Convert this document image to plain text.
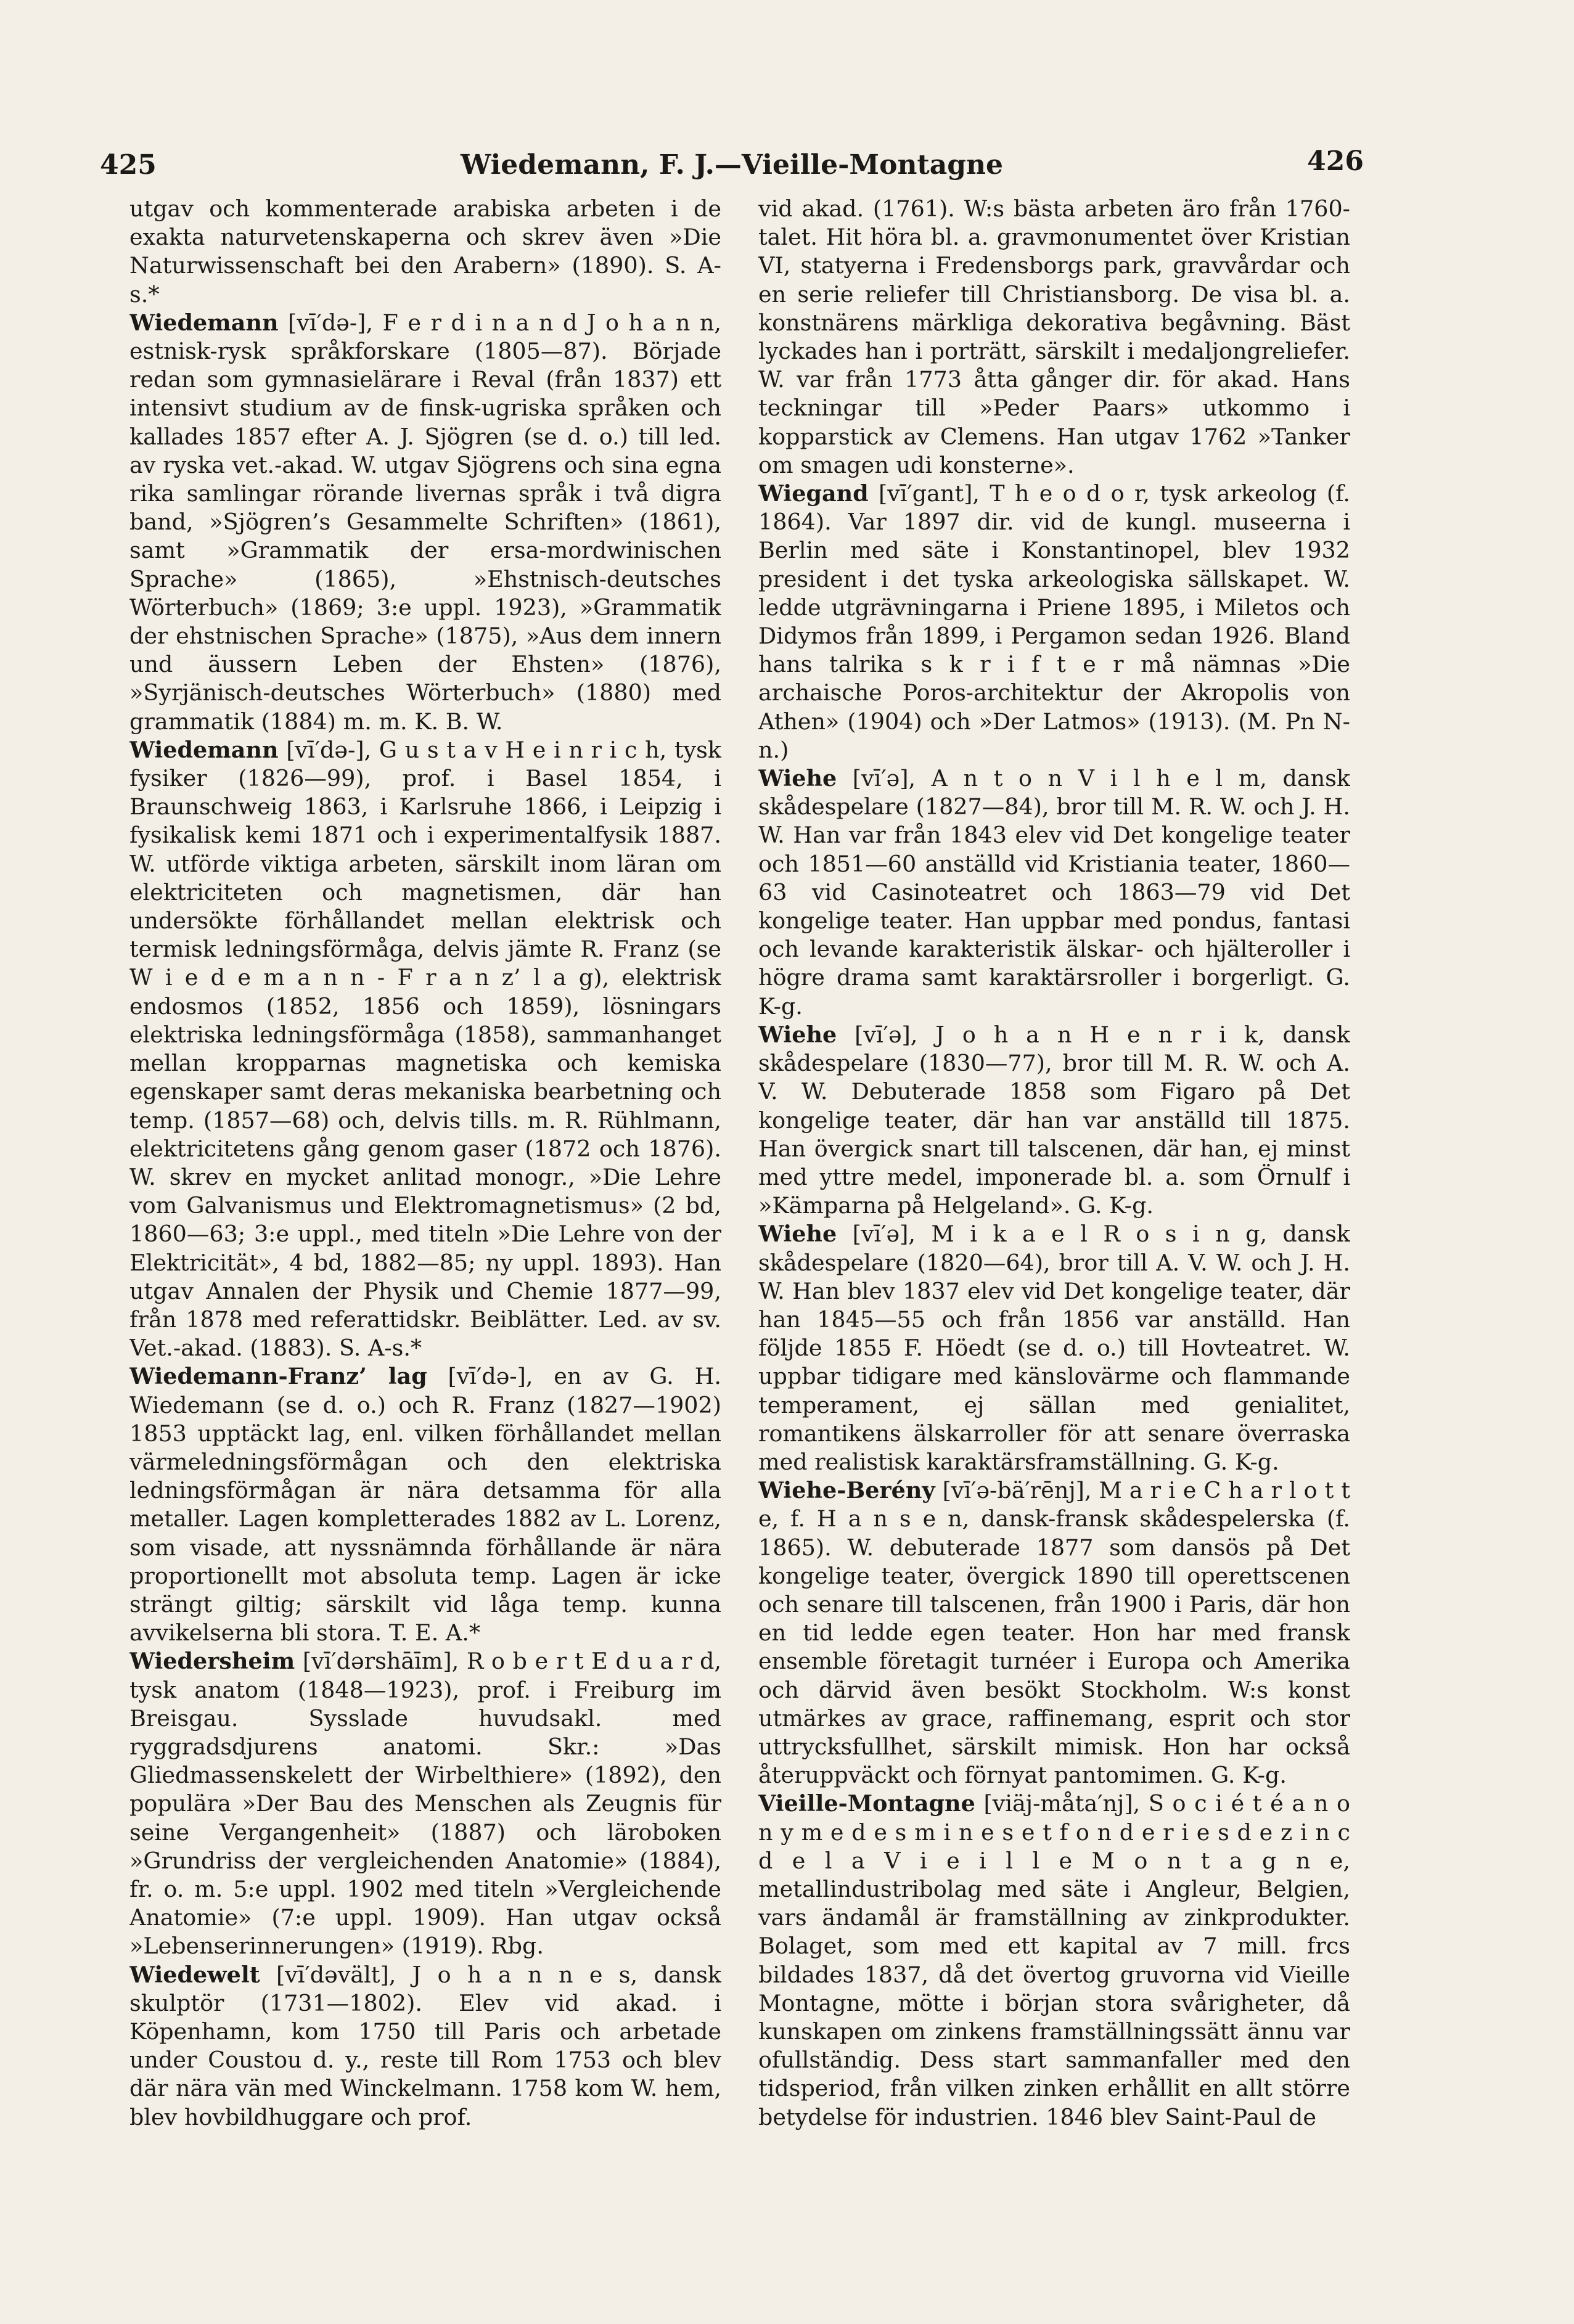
425	Wiedemann, F. J.—Vieille-Montagne	426

utgav och kommenterade arabiska arbeten i de exakta naturvetenskaperna och skrev även »Die Naturwissenschaft bei den Arabern» (1890). S. A-s.*

Wiedemann [vī′də-], F e r d i n a n d J o h a n n, estnisk-rysk språkforskare (1805—87). Började redan som gymnasielärare i Reval (från 1837) ett intensivt studium av de finsk-ugriska språken och kallades 1857 efter A. J. Sjögren (se d. o.) till led. av ryska vet.-akad. W. utgav Sjögrens och sina egna rika samlingar rörande livernas språk i två digra band, »Sjögren’s Gesammelte Schriften» (1861), samt »Grammatik der ersa-mordwinischen Sprache» (1865), »Ehstnisch-deutsches Wörterbuch» (1869; 3:e uppl. 1923), »Grammatik der ehstnischen Sprache» (1875), »Aus dem innern und äussern Leben der Ehsten» (1876), »Syrjänisch-deutsches Wörterbuch» (1880) med grammatik (1884) m. m. K. B. W.

Wiedemann [vī′də-], G u s t a v H e i n r i c h, tysk fysiker (1826—99), prof. i Basel 1854, i Braunschweig 1863, i Karlsruhe 1866, i Leipzig i fysikalisk kemi 1871 och i experimentalfysik 1887. W. utförde viktiga arbeten, särskilt inom läran om elektriciteten och magnetismen, där han undersökte förhållandet mellan elektrisk och termisk ledningsförmåga, delvis jämte R. Franz (se W i e d e m a n n - F r a n z’ l a g), elektrisk endosmos (1852, 1856 och 1859), lösningars elektriska ledningsförmåga (1858), sammanhanget mellan kropparnas magnetiska och kemiska egenskaper samt deras mekaniska bearbetning och temp. (1857—68) och, delvis tills. m. R. Rühlmann, elektricitetens gång genom gaser (1872 och 1876). W. skrev en mycket anlitad monogr., »Die Lehre vom Galvanismus und Elektromagnetismus» (2 bd, 1860—63; 3:e uppl., med titeln »Die Lehre von der Elektricität», 4 bd, 1882—85; ny uppl. 1893). Han utgav Annalen der Physik und Chemie 1877—99, från 1878 med referattidskr. Beiblätter. Led. av sv. Vet.-akad. (1883). S. A-s.*

Wiedemann-Franz’ lag [vī′də-], en av G. H. Wiedemann (se d. o.) och R. Franz (1827—1902) 1853 upptäckt lag, enl. vilken förhållandet mellan värmeledningsförmågan och den elektriska ledningsförmågan är nära detsamma för alla metaller. Lagen kompletterades 1882 av L. Lorenz, som visade, att nyssnämnda förhållande är nära proportionellt mot absoluta temp. Lagen är icke strängt giltig; särskilt vid låga temp. kunna avvikelserna bli stora. T. E. A.*

Wiedersheim [vī′dərshāīm], R o b e r t E d u a r d, tysk anatom (1848—1923), prof. i Freiburg im Breisgau. Sysslade huvudsakl. med ryggradsdjurens anatomi. Skr.: »Das Gliedmassenskelett der Wirbelthiere» (1892), den populära »Der Bau des Menschen als Zeugnis für seine Vergangenheit» (1887) och läroboken »Grundriss der vergleichenden Anatomie» (1884), fr. o. m. 5:e uppl. 1902 med titeln »Vergleichende Anatomie» (7:e uppl. 1909). Han utgav också »Lebenserinnerungen» (1919). Rbg.

Wiedewelt [vī′dəvält], J o h a n n e s, dansk skulptör (1731—1802). Elev vid akad. i Köpenhamn, kom 1750 till Paris och arbetade under Coustou d. y., reste till Rom 1753 och blev där nära vän med Winckelmann. 1758 kom W. hem, blev hovbildhuggare och prof.

vid akad. (1761). W:s bästa arbeten äro från 1760-talet. Hit höra bl. a. gravmonumentet över Kristian VI, statyerna i Fredensborgs park, gravvårdar och en serie reliefer till Christiansborg. De visa bl. a. konstnärens märkliga dekorativa begåvning. Bäst lyckades han i porträtt, särskilt i medaljongreliefer. W. var från 1773 åtta gånger dir. för akad. Hans teckningar till »Peder Paars» utkommo i kopparstick av Clemens. Han utgav 1762 »Tanker om smagen udi konsterne».

Wiegand [vī′gant], T h e o d o r, tysk arkeolog (f. 1864). Var 1897 dir. vid de kungl. museerna i Berlin med säte i Konstantinopel, blev 1932 president i det tyska arkeologiska sällskapet. W. ledde utgrävningarna i Priene 1895, i Miletos och Didymos från 1899, i Pergamon sedan 1926. Bland hans talrika s k r i f t e r må nämnas »Die archaische Poros-architektur der Akropolis von Athen» (1904) och »Der Latmos» (1913). (M. Pn N-n.)

Wiehe [vī′ə], A n t o n V i l h e l m, dansk skådespelare (1827—84), bror till M. R. W. och J. H. W. Han var från 1843 elev vid Det kongelige teater och 1851—60 anställd vid Kristiania teater, 1860—63 vid Casinoteatret och 1863—79 vid Det kongelige teater. Han uppbar med pondus, fantasi och levande karakteristik älskar- och hjälteroller i högre drama samt karaktärsroller i borgerligt. G. K-g.

Wiehe [vī′ə], J o h a n H e n r i k, dansk skådespelare (1830—77), bror till M. R. W. och A. V. W. Debuterade 1858 som Figaro på Det kongelige teater, där han var anställd till 1875. Han övergick snart till talscenen, där han, ej minst med yttre medel, imponerade bl. a. som Örnulf i »Kämparna på Helgeland». G. K-g.

Wiehe [vī′ə], M i k a e l R o s i n g, dansk skådespelare (1820—64), bror till A. V. W. och J. H. W. Han blev 1837 elev vid Det kongelige teater, där han 1845—55 och från 1856 var anställd. Han följde 1855 F. Höedt (se d. o.) till Hovteatret. W. uppbar tidigare med känslovärme och flammande temperament, ej sällan med genialitet, romantikens älskarroller för att senare överraska med realistisk karaktärsframställning. G. K-g.

Wiehe-Berény [vī′ə-bä′rēnj], M a r i e C h a r l o t t e, f. H a n s e n, dansk-fransk skådespelerska (f. 1865). W. debuterade 1877 som dansös på Det kongelige teater, övergick 1890 till operettscenen och senare till talscenen, från 1900 i Paris, där hon en tid ledde egen teater. Hon har med fransk ensemble företagit turnéer i Europa och Amerika och därvid även besökt Stockholm. W:s konst utmärkes av grace, raffinemang, esprit och stor uttrycksfullhet, särskilt mimisk. Hon har också återuppväckt och förnyat pantomimen. G. K-g.

Vieille-Montagne [viäj-måta′nj], S o c i é t é a n o n y m e d e s m i n e s e t f o n d e r i e s d e z i n c d e l a V i e i l l e M o n t a g n e, metallindustribolag med säte i Angleur, Belgien, vars ändamål är framställning av zinkprodukter. Bolaget, som med ett kapital av 7 mill. frcs bildades 1837, då det övertog gruvorna vid Vieille Montagne, mötte i början stora svårigheter, då kunskapen om zinkens framställningssätt ännu var ofullständig. Dess start sammanfaller med den tidsperiod, från vilken zinken erhållit en allt större betydelse för industrien. 1846 blev Saint-Paul de
